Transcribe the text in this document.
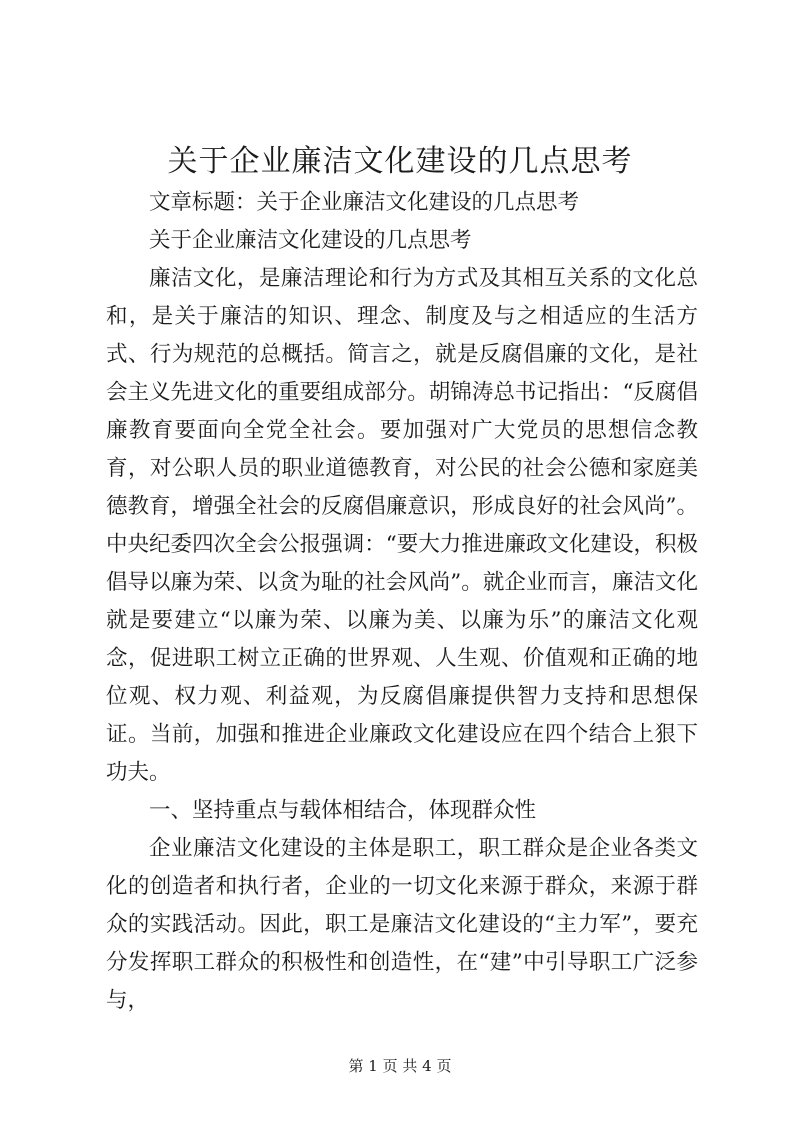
关于企业廉洁文化建设的几点思考

文章标题：关于企业廉洁文化建设的几点思考

关于企业廉洁文化建设的几点思考

廉洁文化，是廉洁理论和行为方式及其相互关系的文化总和，是关于廉洁的知识、理念、制度及与之相适应的生活方式、行为规范的总概括。简言之，就是反腐倡廉的文化，是社会主义先进文化的重要组成部分。胡锦涛总书记指出：“反腐倡廉教育要面向全党全社会。要加强对广大党员的思想信念教育，对公职人员的职业道德教育，对公民的社会公德和家庭美德教育，增强全社会的反腐倡廉意识，形成良好的社会风尚”。中央纪委四次全会公报强调：“要大力推进廉政文化建设，积极倡导以廉为荣、以贪为耻的社会风尚”。就企业而言，廉洁文化就是要建立“以廉为荣、以廉为美、以廉为乐”的廉洁文化观念，促进职工树立正确的世界观、人生观、价值观和正确的地位观、权力观、利益观，为反腐倡廉提供智力支持和思想保证。当前，加强和推进企业廉政文化建设应在四个结合上狠下功夫。

一、坚持重点与载体相结合，体现群众性

企业廉洁文化建设的主体是职工，职工群众是企业各类文化的创造者和执行者，企业的一切文化来源于群众，来源于群众的实践活动。因此，职工是廉洁文化建设的“主力军”，要充分发挥职工群众的积极性和创造性，在“建”中引导职工广泛参与，

第 1 页 共 4 页
